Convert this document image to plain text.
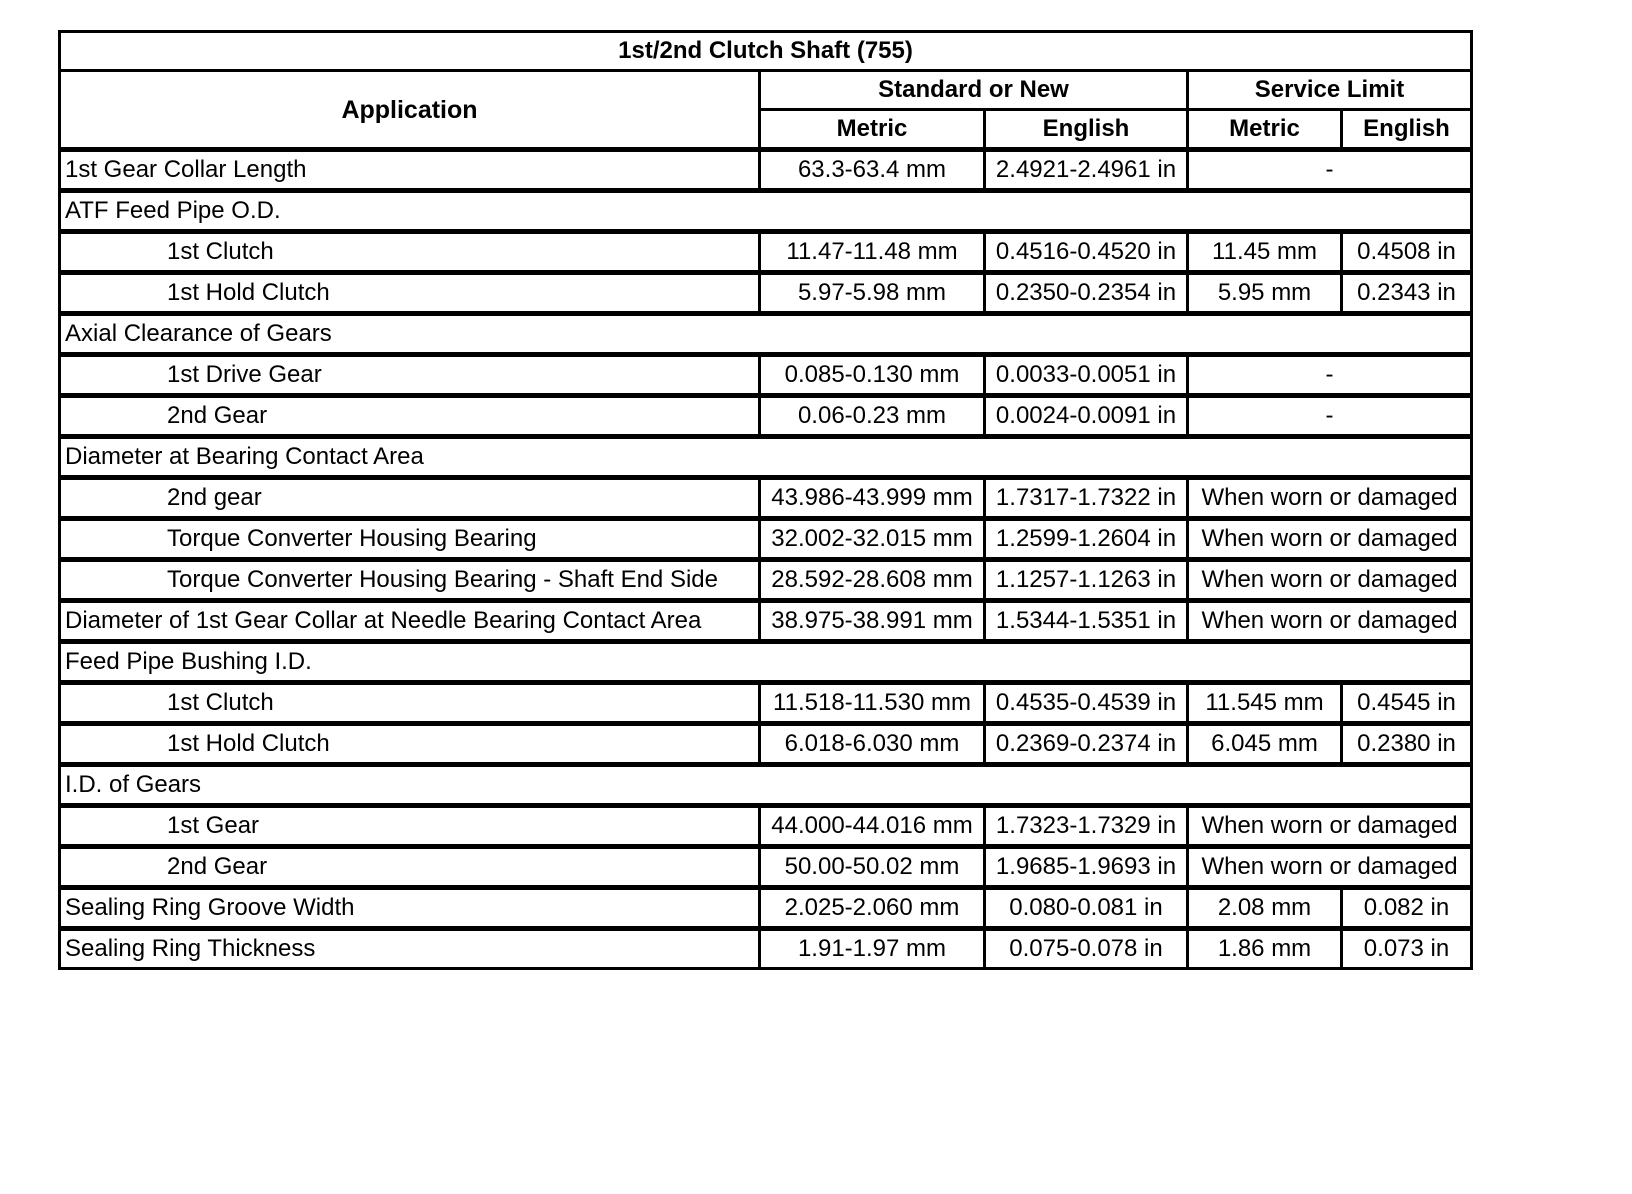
1st/2nd Clutch Shaft (755)				
Application	Standard or New		Service Limit	
	Metric	English	Metric	English
1st Gear Collar Length	63.3-63.4 mm	2.4921-2.4961 in	-	
ATF Feed Pipe O.D.				
1st Clutch	11.47-11.48 mm	0.4516-0.4520 in	11.45 mm	0.4508 in
1st Hold Clutch	5.97-5.98 mm	0.2350-0.2354 in	5.95 mm	0.2343 in
Axial Clearance of Gears				
1st Drive Gear	0.085-0.130 mm	0.0033-0.0051 in	-	
2nd Gear	0.06-0.23 mm	0.0024-0.0091 in	-	
Diameter at Bearing Contact Area				
2nd gear	43.986-43.999 mm	1.7317-1.7322 in	When worn or damaged	
Torque Converter Housing Bearing	32.002-32.015 mm	1.2599-1.2604 in	When worn or damaged	
Torque Converter Housing Bearing - Shaft End Side	28.592-28.608 mm	1.1257-1.1263 in	When worn or damaged	
Diameter of 1st Gear Collar at Needle Bearing Contact Area	38.975-38.991 mm	1.5344-1.5351 in	When worn or damaged	
Feed Pipe Bushing I.D.				
1st Clutch	11.518-11.530 mm	0.4535-0.4539 in	11.545 mm	0.4545 in
1st Hold Clutch	6.018-6.030 mm	0.2369-0.2374 in	6.045 mm	0.2380 in
I.D. of Gears				
1st Gear	44.000-44.016 mm	1.7323-1.7329 in	When worn or damaged	
2nd Gear	50.00-50.02 mm	1.9685-1.9693 in	When worn or damaged	
Sealing Ring Groove Width	2.025-2.060 mm	0.080-0.081 in	2.08 mm	0.082 in
Sealing Ring Thickness	1.91-1.97 mm	0.075-0.078 in	1.86 mm	0.073 in
